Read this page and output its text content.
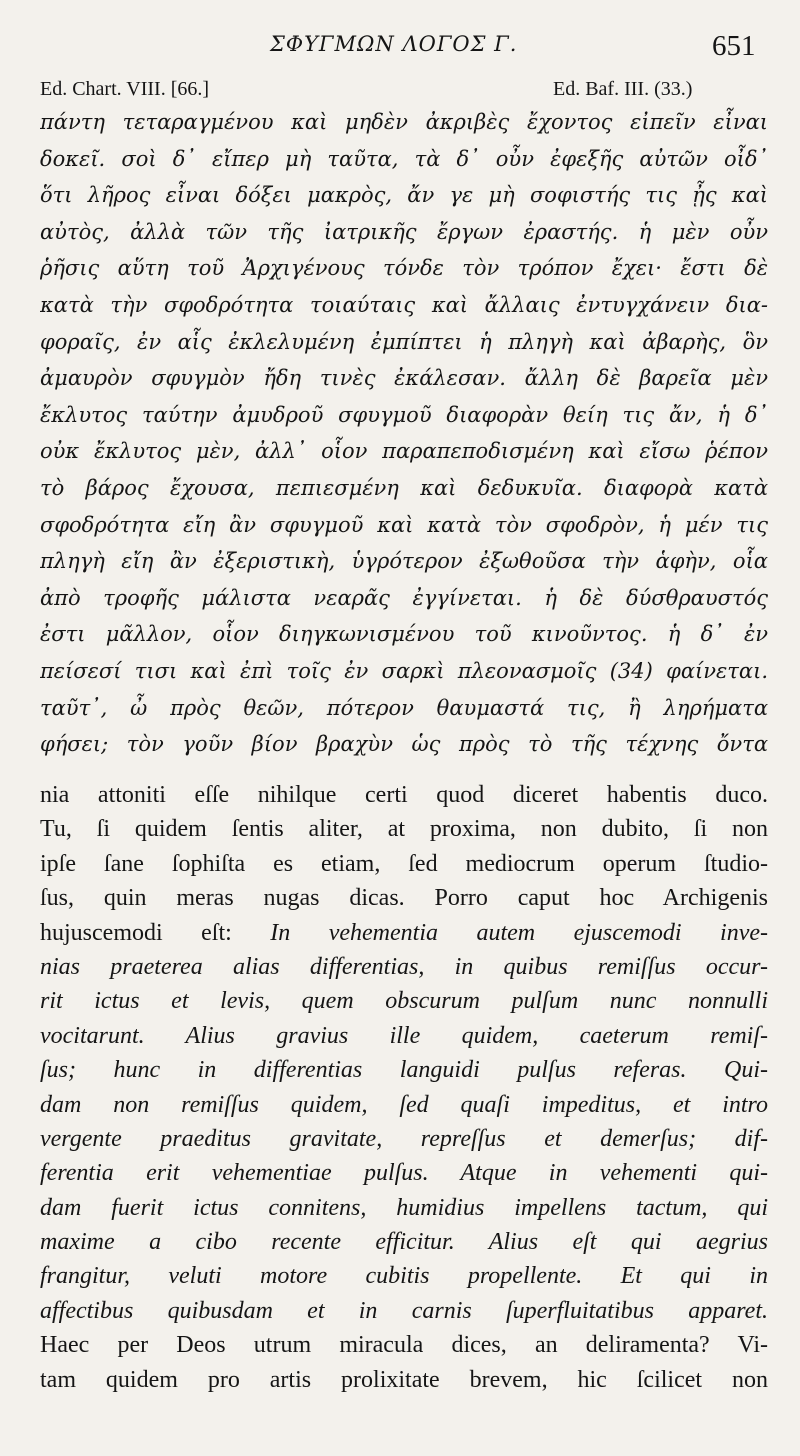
ΣΦΥΓΜΩΝ ΛΟΓΟΣ Γ.	651
Ed. Chart. VIII. [66.]	Ed. Baf. III. (33.)
πάντη τεταραγμένου καὶ μηδὲν ἀκριβὲς ἔχοντος εἰπεῖν εἶναι
δοκεῖ. σοὶ δ᾽ εἴπερ μὴ ταῦτα, τὰ δ᾽ οὖν ἐφεξῆς αὐτῶν οἶδ᾽
ὅτι λῆρος εἶναι δόξει μακρὸς, ἄν γε μὴ σοφιστής τις ᾖς καὶ
αὐτὸς, ἀλλὰ τῶν τῆς ἰατρικῆς ἔργων ἐραστής. ἡ μὲν οὖν
ῥῆσις αὕτη τοῦ Ἀρχιγένους τόνδε τὸν τρόπον ἔχει· ἔστι δὲ
κατὰ τὴν σφοδρότητα τοιαύταις καὶ ἄλλαις ἐντυγχάνειν δια-
φοραῖς, ἐν αἷς ἐκλελυμένη ἐμπίπτει ἡ πληγὴ καὶ ἀβαρὴς, ὃν
ἀμαυρὸν σφυγμὸν ἤδη τινὲς ἐκάλεσαν. ἄλλη δὲ βαρεῖα μὲν
ἔκλυτος ταύτην ἀμυδροῦ σφυγμοῦ διαφορὰν θείη τις ἄν, ἡ δ᾽
οὐκ ἔκλυτος μὲν, ἀλλ᾽ οἷον παραπεποδισμένη καὶ εἴσω ῥέπον
τὸ βάρος ἔχουσα, πεπιεσμένη καὶ δεδυκυῖα. διαφορὰ κατὰ
σφοδρότητα εἴη ἂν σφυγμοῦ καὶ κατὰ τὸν σφοδρὸν, ἡ μέν τις
πληγὴ εἴη ἂν ἐξεριστικὴ, ὑγρότερον ἐξωθοῦσα τὴν ἁφὴν, οἷα
ἀπὸ τροφῆς μάλιστα νεαρᾶς ἐγγίνεται. ἡ δὲ δύσθραυστός
ἐστι μᾶλλον, οἷον διηγκωνισμένου τοῦ κινοῦντος. ἡ δ᾽ ἐν
πείσεσί τισι καὶ ἐπὶ τοῖς ἐν σαρκὶ πλεονασμοῖς (34) φαίνεται.
ταῦτ᾽, ὦ πρὸς θεῶν, πότερον θαυμαστά τις, ἢ ληρήματα
φήσει; τὸν γοῦν βίον βραχὺν ὡς πρὸς τὸ τῆς τέχνης ὄντα
nia attoniti eſſe nihilque certi quod diceret habentis duco.
Tu, ſi quidem ſentis aliter, at proxima, non dubito, ſi non
ipſe ſane ſophiſta es etiam, ſed mediocrum operum ſtudio-
ſus, quin meras nugas dicas. Porro caput hoc Archigenis
hujuscemodi eſt: In vehementia autem ejuscemodi inve-
nias praeterea alias differentias, in quibus remiſſus occur-
rit ictus et levis, quem obscurum pulſum nunc nonnulli
vocitarunt. Alius gravius ille quidem, caeterum remiſ-
ſus; hunc in differentias languidi pulſus referas. Qui-
dam non remiſſus quidem, ſed quaſi impeditus, et intro
vergente praeditus gravitate, repreſſus et demerſus; dif-
ferentia erit vehementiae pulſus. Atque in vehementi qui-
dam fuerit ictus connitens, humidius impellens tactum, qui
maxime a cibo recente efficitur. Alius eſt qui aegrius
frangitur, veluti motore cubitis propellente. Et qui in
affectibus quibusdam et in carnis ſuperfluitatibus apparet.
Haec per Deos utrum miracula dices, an deliramenta? Vi-
tam quidem pro artis prolixitate brevem, hic ſcilicet non
